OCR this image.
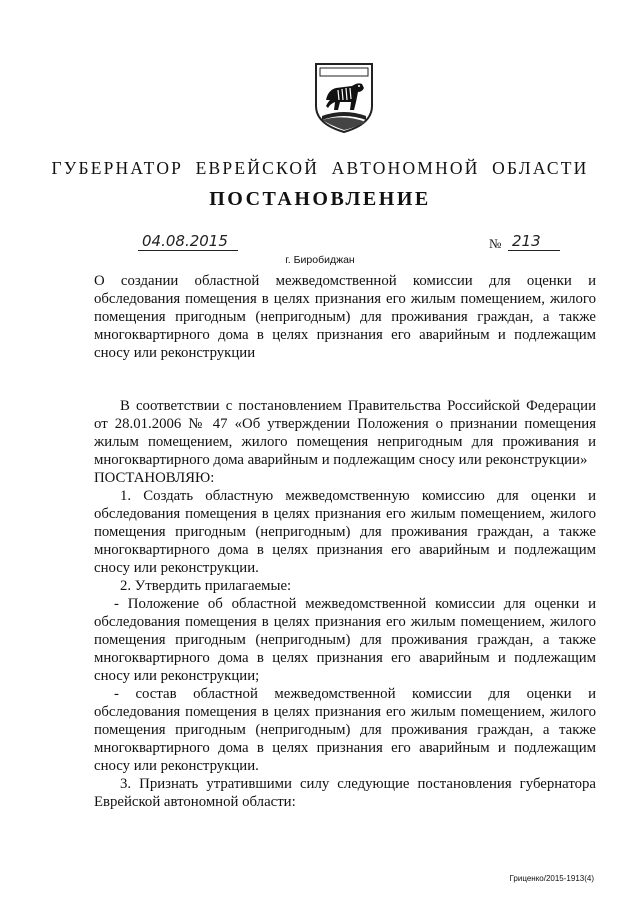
ГУБЕРНАТОР ЕВРЕЙСКОЙ АВТОНОМНОЙ ОБЛАСТИ
ПОСТАНОВЛЕНИЕ
04.08.2015	№ 213
г. Биробиджан
О создании областной межведомственной комиссии для оценки и обследования помещения в целях признания его жилым помещением, жилого помещения пригодным (непригодным) для проживания граждан, а также многоквартирного дома в целях признания его аварийным и подлежащим сносу или реконструкции

В соответствии с постановлением Правительства Российской Федерации от 28.01.2006 № 47 «Об утверждении Положения о признании помещения жилым помещением, жилого помещения непригодным для проживания и многоквартирного дома аварийным и подлежащим сносу или реконструкции»

ПОСТАНОВЛЯЮ:

1. Создать областную межведомственную комиссию для оценки и обследования помещения в целях признания его жилым помещением, жилого помещения пригодным (непригодным) для проживания граждан, а также многоквартирного дома в целях признания его аварийным и подлежащим сносу или реконструкции.

2. Утвердить прилагаемые:

- Положение об областной межведомственной комиссии для оценки и обследования помещения в целях признания его жилым помещением, жилого помещения пригодным (непригодным) для проживания граждан, а также многоквартирного дома в целях признания его аварийным и подлежащим сносу или реконструкции;

- состав областной межведомственной комиссии для оценки и обследования помещения в целях признания его жилым помещением, жилого помещения пригодным (непригодным) для проживания граждан, а также многоквартирного дома в целях признания его аварийным и подлежащим сносу или реконструкции.

3. Признать утратившими силу следующие постановления губернатора Еврейской автономной области:

Гриценко/2015-1913(4)
